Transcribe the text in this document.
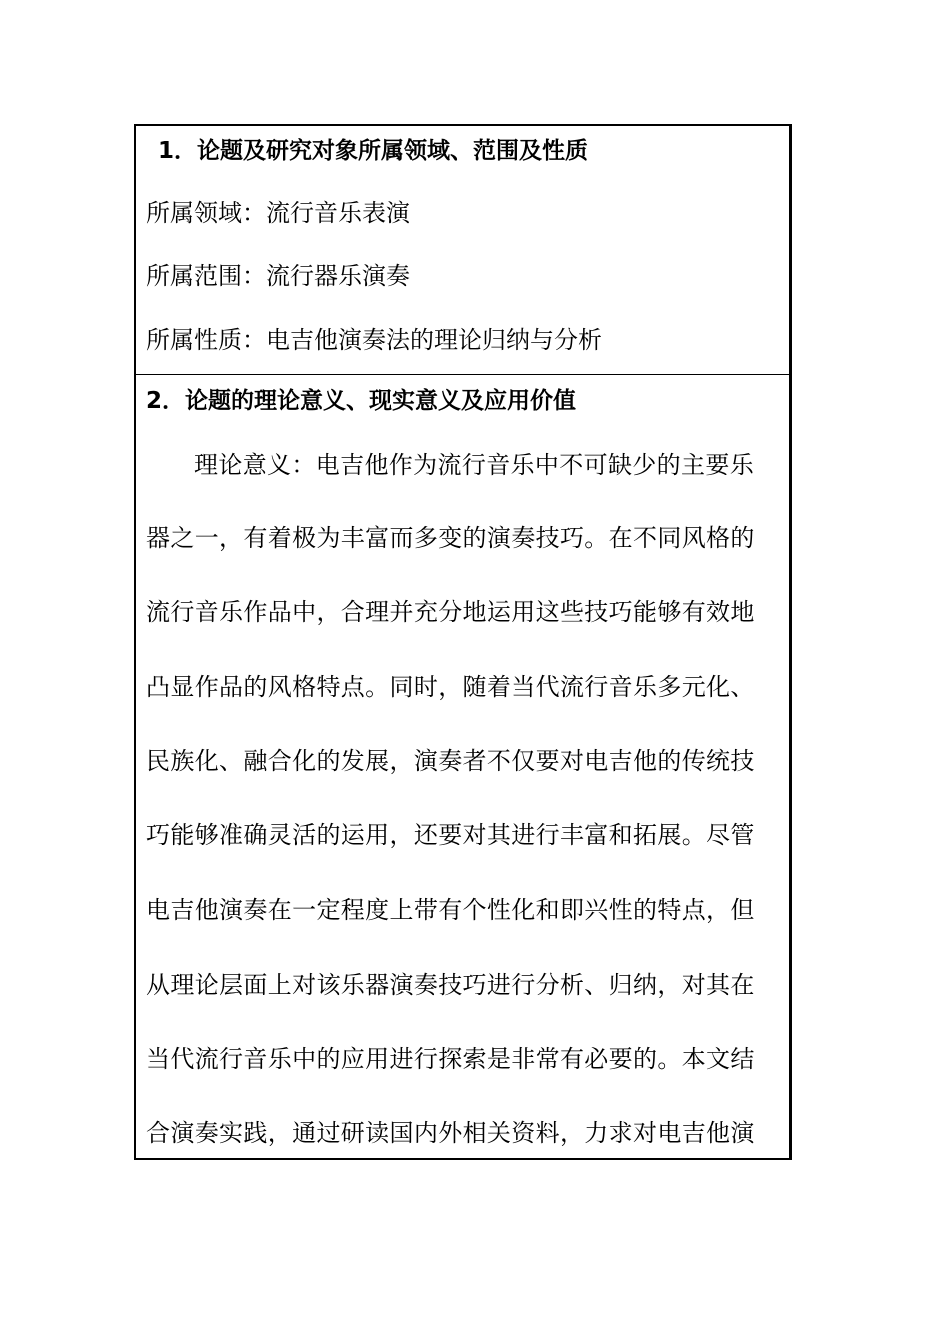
1．论题及研究对象所属领域、范围及性质
所属领域：流行音乐表演
所属范围：流行器乐演奏
所属性质：电吉他演奏法的理论归纳与分析
2．论题的理论意义、现实意义及应用价值
理论意义：电吉他作为流行音乐中不可缺少的主要乐
器之一，有着极为丰富而多变的演奏技巧。在不同风格的
流行音乐作品中，合理并充分地运用这些技巧能够有效地
凸显作品的风格特点。同时，随着当代流行音乐多元化、
民族化、融合化的发展，演奏者不仅要对电吉他的传统技
巧能够准确灵活的运用，还要对其进行丰富和拓展。尽管
电吉他演奏在一定程度上带有个性化和即兴性的特点，但
从理论层面上对该乐器演奏技巧进行分析、归纳，对其在
当代流行音乐中的应用进行探索是非常有必要的。本文结
合演奏实践，通过研读国内外相关资料，力求对电吉他演
